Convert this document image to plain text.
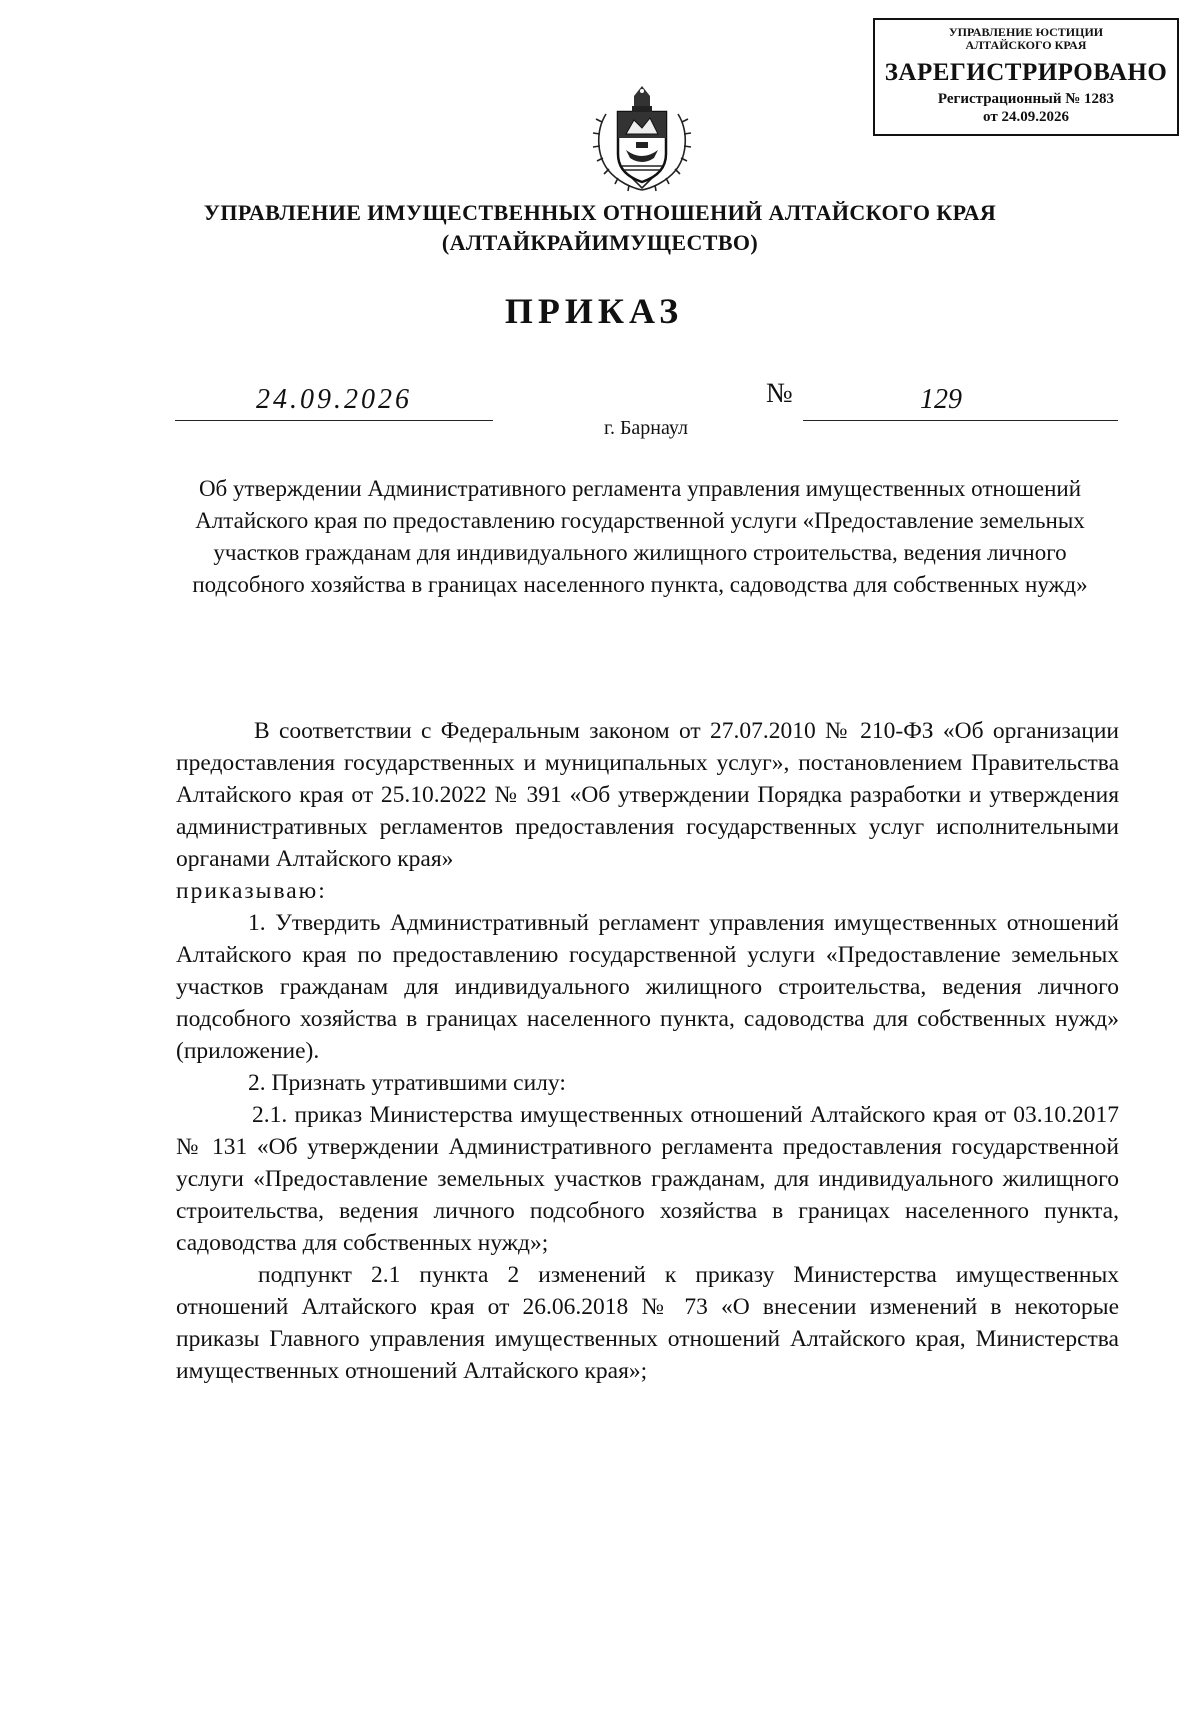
УПРАВЛЕНИЕ ЮСТИЦИИ
АЛТАЙСКОГО КРАЯ
ЗАРЕГИСТРИРОВАНО
Регистрационный № 1283
от 24.09.2026
УПРАВЛЕНИЕ ИМУЩЕСТВЕННЫХ ОТНОШЕНИЙ АЛТАЙСКОГО КРАЯ
(АЛТАЙКРАЙИМУЩЕСТВО)
ПРИКАЗ
24.09.2026	№	129
г. Барнаул
Об утверждении Административного регламента управления имущественных отношений Алтайского края по предоставлению государственной услуги «Предоставление земельных участков гражданам для индивидуального жилищного строительства, ведения личного подсобного хозяйства в границах населенного пункта, садоводства для собственных нужд»

В соответствии с Федеральным законом от 27.07.2010 № 210-ФЗ «Об организации предоставления государственных и муниципальных услуг», постановлением Правительства Алтайского края от 25.10.2022 № 391 «Об утверждении Порядка разработки и утверждения административных регламентов предоставления государственных услуг исполнительными органами Алтайского края»

приказываю:

1. Утвердить Административный регламент управления имущественных отношений Алтайского края по предоставлению государственной услуги «Предоставление земельных участков гражданам для индивидуального жилищного строительства, ведения личного подсобного хозяйства в границах населенного пункта, садоводства для собственных нужд» (приложение).

2. Признать утратившими силу:

2.1. приказ Министерства имущественных отношений Алтайского края от 03.10.2017 № 131 «Об утверждении Административного регламента предоставления государственной услуги «Предоставление земельных участков гражданам, для индивидуального жилищного строительства, ведения личного подсобного хозяйства в границах населенного пункта, садоводства для собственных нужд»;

подпункт 2.1 пункта 2 изменений к приказу Министерства имущественных отношений Алтайского края от 26.06.2018 № 73 «О внесении изменений в некоторые приказы Главного управления имущественных отношений Алтайского края, Министерства имущественных отношений Алтайского края»;
